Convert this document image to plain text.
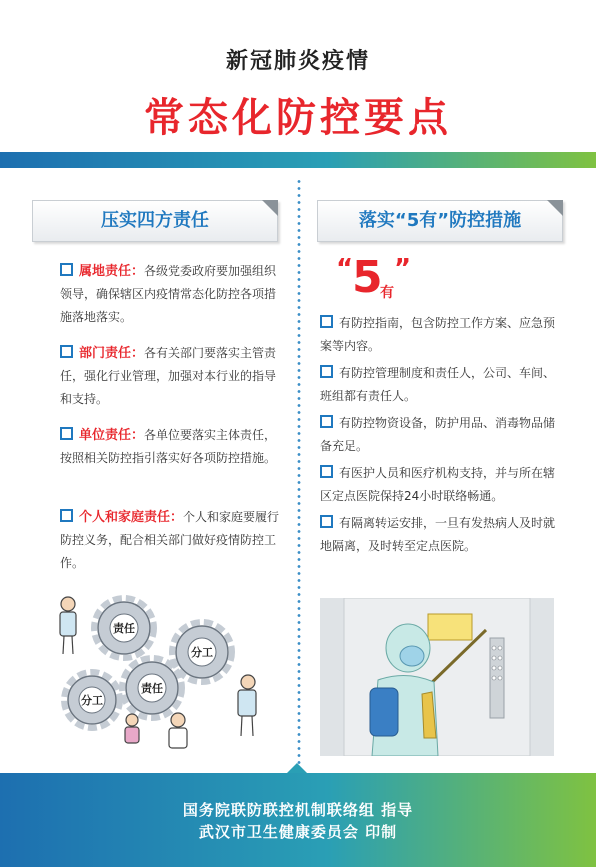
新冠肺炎疫情
常态化防控要点
压实四方责任
属地责任：各级党委政府要加强组织领导，确保辖区内疫情常态化防控各项措施落地落实。
部门责任：各有关部门要落实主管责任，强化行业管理，加强对本行业的指导和支持。
单位责任：各单位要落实主体责任，按照相关防控指引落实好各项防控措施。
个人和家庭责任：个人和家庭要履行防控义务，配合相关部门做好疫情防控工作。
责任
分工
责任
分工
落实“5有”防控措施
“
5
有
”
有防控指南，包含防控工作方案、应急预案等内容。
有防控管理制度和责任人，公司、车间、班组都有责任人。
有防控物资设备，防护用品、消毒物品储备充足。
有医护人员和医疗机构支持，并与所在辖区定点医院保持24小时联络畅通。
有隔离转运安排，一旦有发热病人及时就地隔离，及时转至定点医院。
国务院联防联控机制联络组 指导
武汉市卫生健康委员会 印制
